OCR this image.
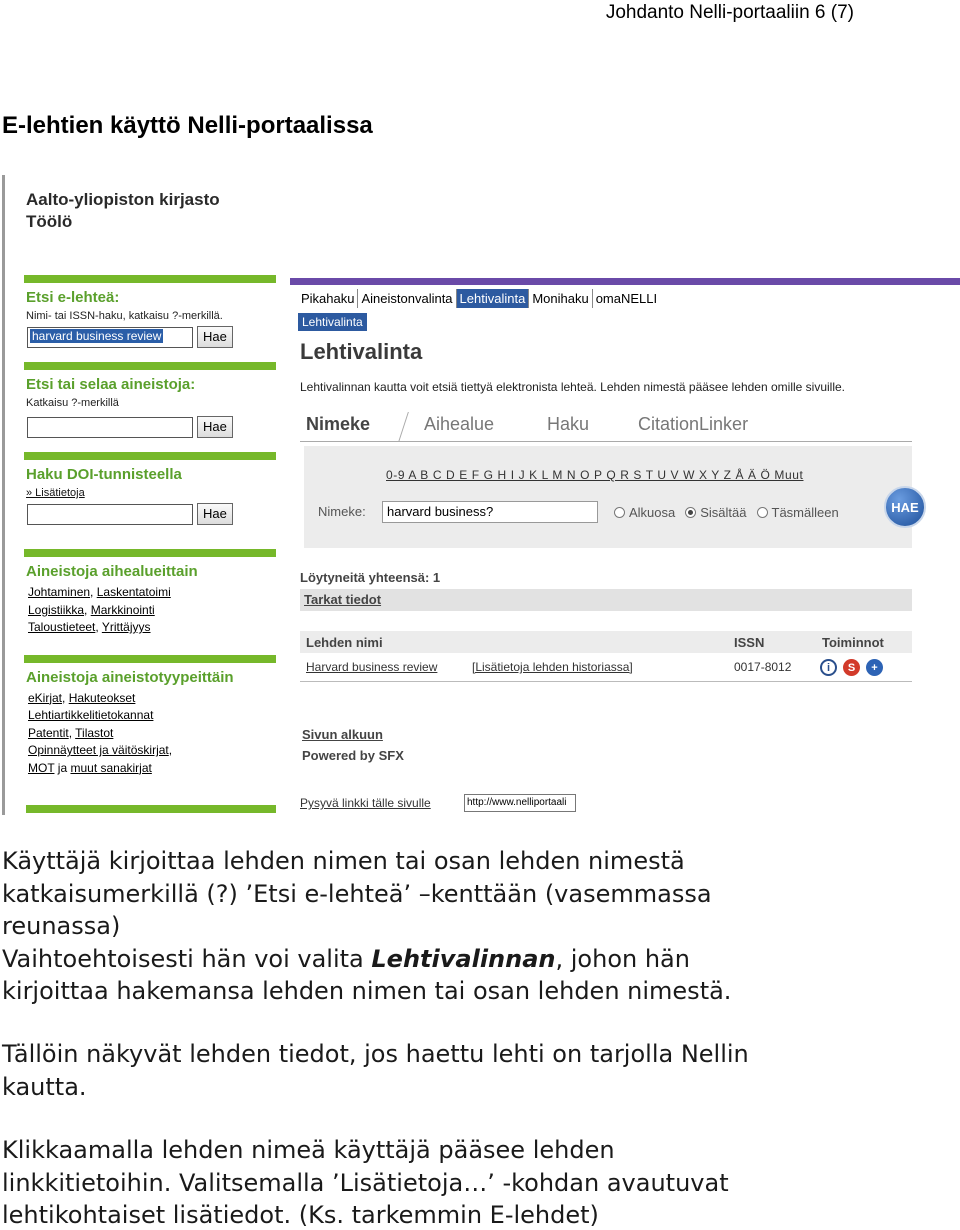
Johdanto Nelli-portaaliin 6 (7)
E-lehtien käyttö Nelli-portaalissa
Aalto-yliopiston kirjasto
Töölö
Etsi e-lehteä:
Nimi- tai ISSN-haku, katkaisu ?-merkillä.
harvard business review	Hae
Etsi tai selaa aineistoja:
Katkaisu ?-merkillä
Hae
Haku DOI-tunnisteella
» Lisätietoja
Hae
Aineistoja aihealueittain
Johtaminen, Laskentatoimi
Logistiikka, Markkinointi
Taloustieteet, Yrittäjyys
Aineistoja aineistotyypeittäin
eKirjat, Hakuteokset
Lehtiartikkelitietokannat
Patentit, Tilastot
Opinnäytteet ja väitöskirjat,
MOT ja muut sanakirjat
Pikahaku Aineistonvalinta Lehtivalinta Monihaku omaNELLI
Lehtivalinta
Lehtivalinta
Lehtivalinnan kautta voit etsiä tiettyä elektronista lehteä. Lehden nimestä pääsee lehden omille sivuille.
Nimeke	Aihealue	Haku	CitationLinker
0-9 A B C D E F G H I J K L M N O P Q R S T U V W X Y Z Å Ä Ö Muut
Nimeke:	harvard business?	Alkuosa Sisältää Täsmälleen	HAE
Löytyneitä yhteensä: 1
Tarkat tiedot
Lehden nimi	ISSN	Toiminnot
Harvard business review	[Lisätietoja lehden historiassa]	0017-8012	i	S	+
Sivun alkuun
Powered by SFX
Pysyvä linkki tälle sivulle	http://www.nelliportaali
Käyttäjä kirjoittaa lehden nimen tai osan lehden nimestä
katkaisumerkillä (?) ’Etsi e-lehteä’ –kenttään (vasemmassa
reunassa)
Vaihtoehtoisesti hän voi valita Lehtivalinnan, johon hän
kirjoittaa hakemansa lehden nimen tai osan lehden nimestä.
Tällöin näkyvät lehden tiedot, jos haettu lehti on tarjolla Nellin
kautta.
Klikkaamalla lehden nimeä käyttäjä pääsee lehden
linkkitietoihin. Valitsemalla ’Lisätietoja…’ -kohdan avautuvat
lehtikohtaiset lisätiedot. (Ks. tarkemmin E-lehdet)
